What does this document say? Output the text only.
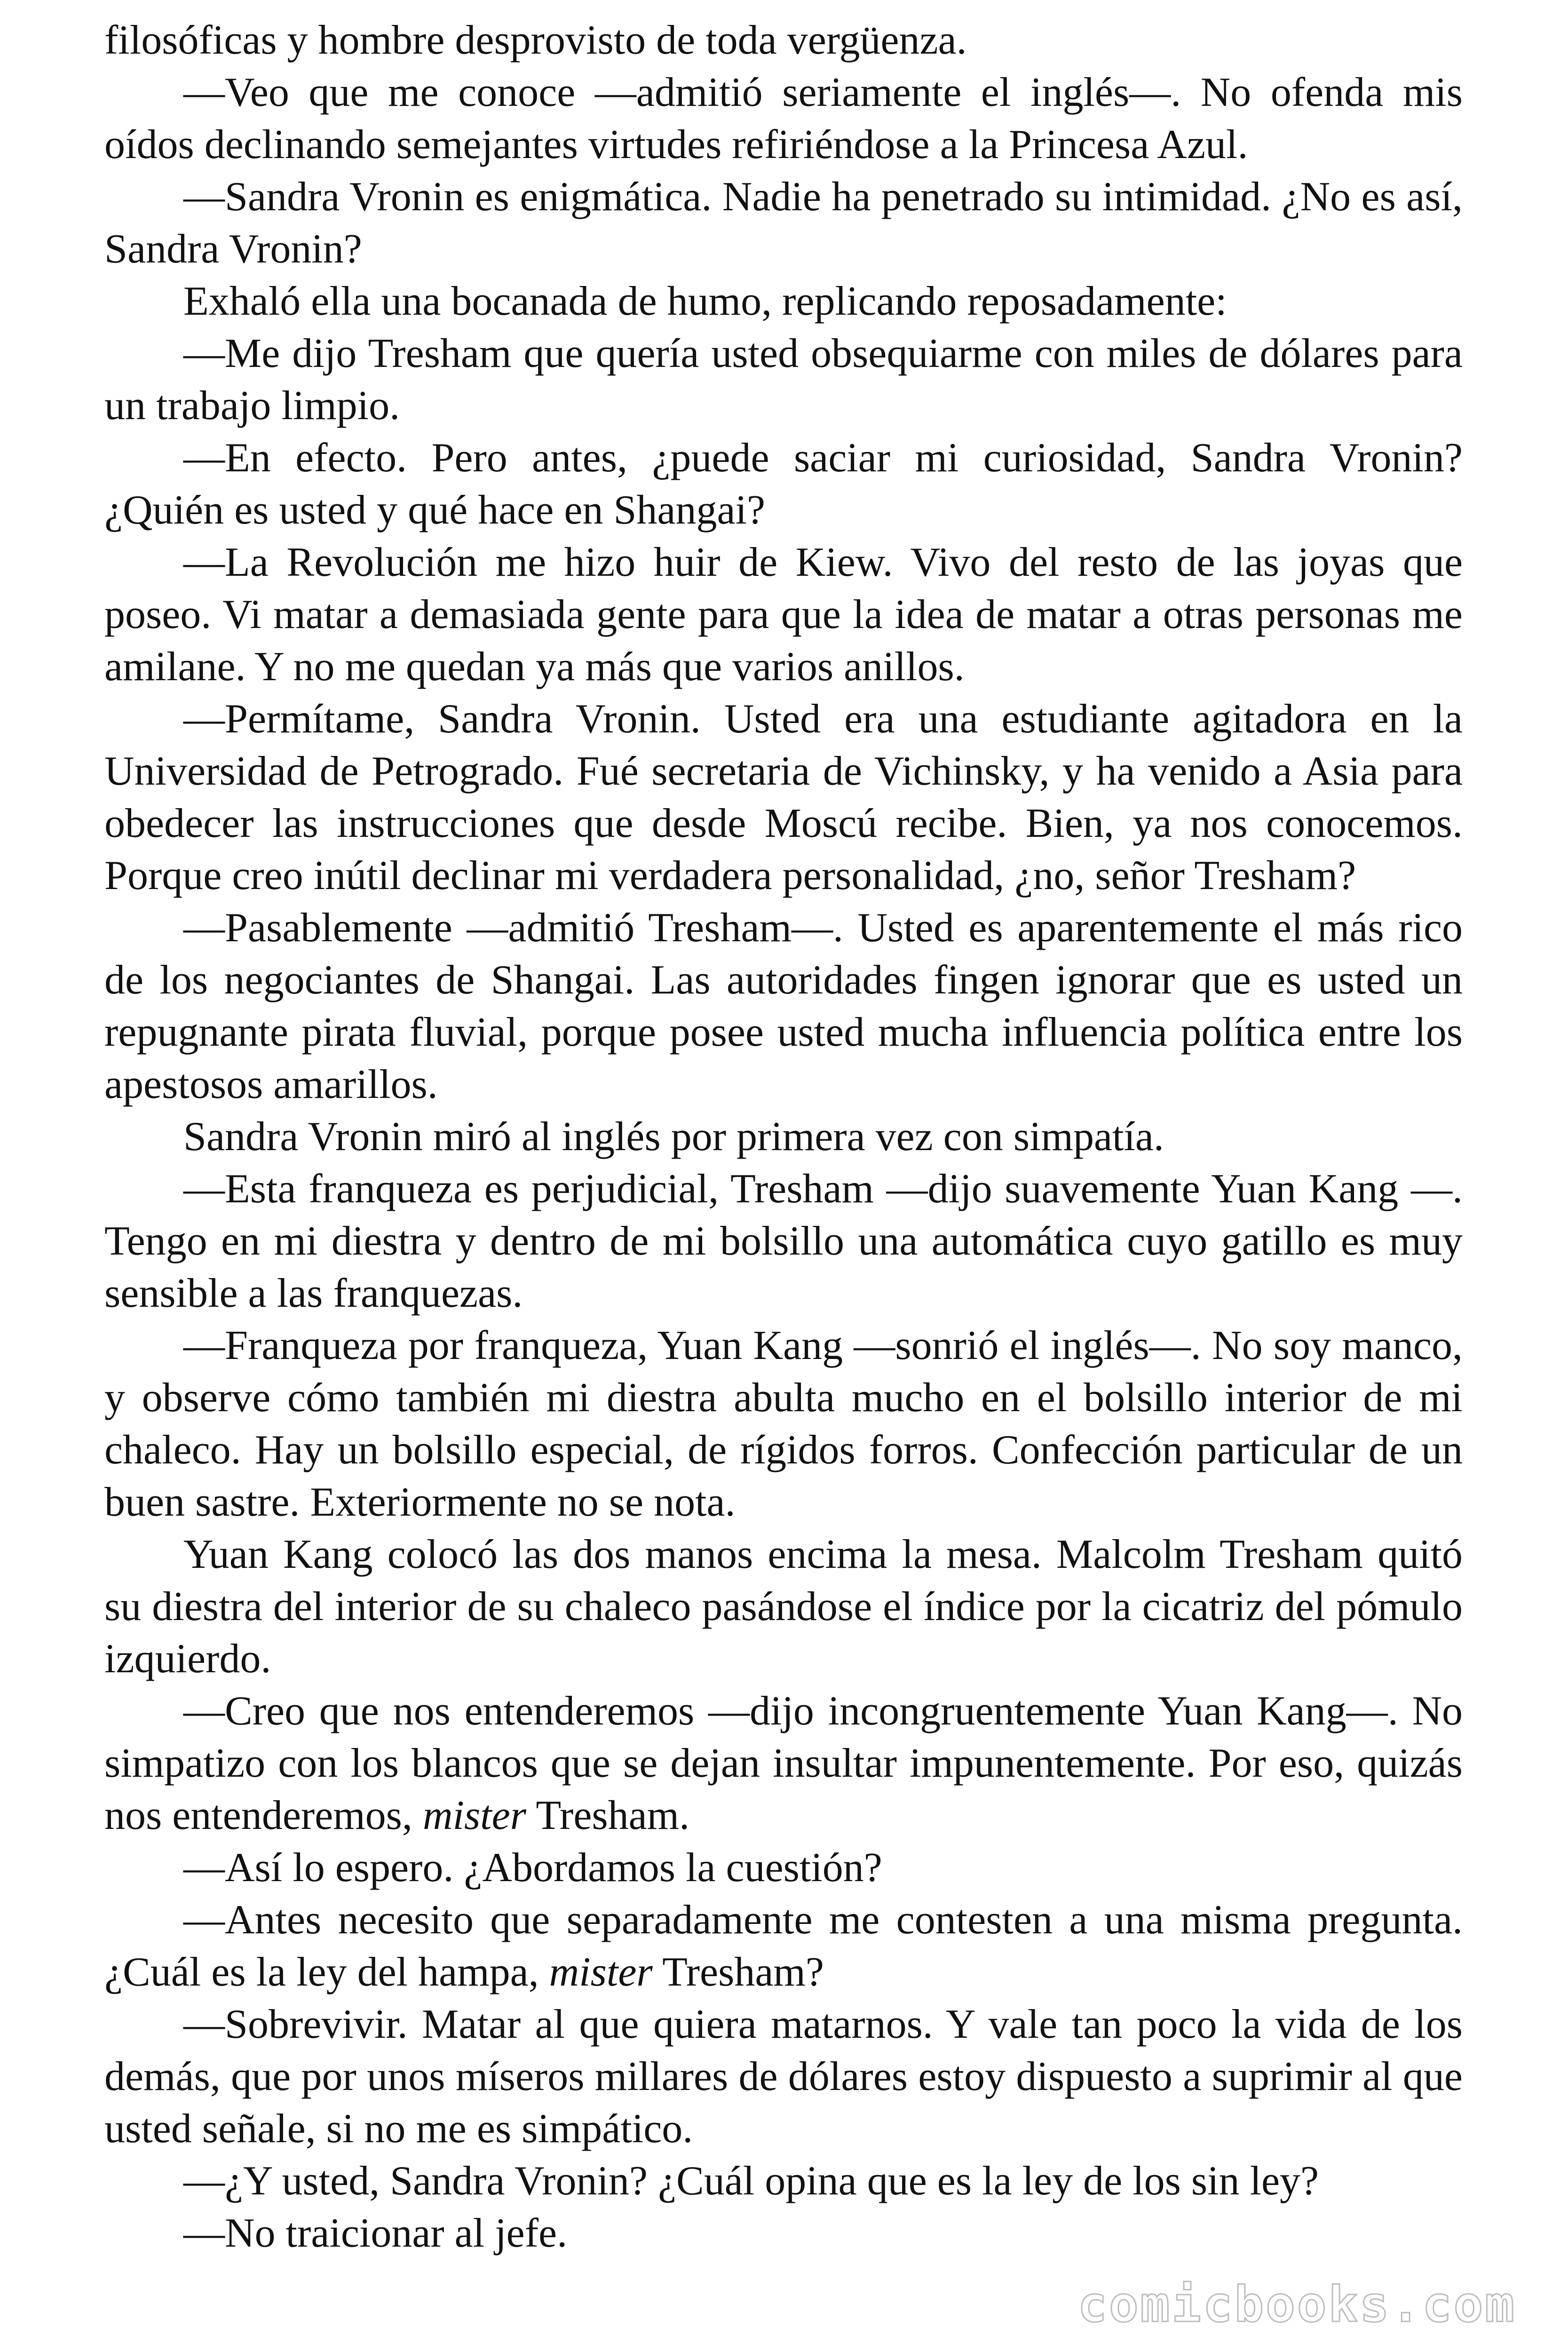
filosóficas y hombre desprovisto de toda vergüenza.

—Veo que me conoce —admitió seriamente el inglés—. No ofenda mis oídos declinando semejantes virtudes refiriéndose a la Princesa Azul.

—Sandra Vronin es enigmática. Nadie ha penetrado su intimidad. ¿No es así, Sandra Vronin?

Exhaló ella una bocanada de humo, replicando reposadamente:

—Me dijo Tresham que quería usted obsequiarme con miles de dólares para un trabajo limpio.

—En efecto. Pero antes, ¿puede saciar mi curiosidad, Sandra Vronin? ¿Quién es usted y qué hace en Shangai?

—La Revolución me hizo huir de Kiew. Vivo del resto de las joyas que poseo. Vi matar a demasiada gente para que la idea de matar a otras personas me amilane. Y no me quedan ya más que varios anillos.

—Permítame, Sandra Vronin. Usted era una estudiante agitadora en la Universidad de Petrogrado. Fué secretaria de Vichinsky, y ha venido a Asia para obedecer las instrucciones que desde Moscú recibe. Bien, ya nos conocemos. Porque creo inútil declinar mi verdadera personalidad, ¿no, señor Tresham?

—Pasablemente —admitió Tresham—. Usted es aparentemente el más rico de los negociantes de Shangai. Las autoridades fingen ignorar que es usted un repugnante pirata fluvial, porque posee usted mucha influencia política entre los apestosos amarillos.

Sandra Vronin miró al inglés por primera vez con simpatía.

—Esta franqueza es perjudicial, Tresham —dijo suavemente Yuan Kang —. Tengo en mi diestra y dentro de mi bolsillo una automática cuyo gatillo es muy sensible a las franquezas.

—Franqueza por franqueza, Yuan Kang —sonrió el inglés—. No soy manco, y observe cómo también mi diestra abulta mucho en el bolsillo interior de mi chaleco. Hay un bolsillo especial, de rígidos forros. Confección particular de un buen sastre. Exteriormente no se nota.

Yuan Kang colocó las dos manos encima la mesa. Malcolm Tresham quitó su diestra del interior de su chaleco pasándose el índice por la cicatriz del pómulo izquierdo.

—Creo que nos entenderemos —dijo incongruentemente Yuan Kang—. No simpatizo con los blancos que se dejan insultar impunentemente. Por eso, quizás nos entenderemos, mister Tresham.

—Así lo espero. ¿Abordamos la cuestión?

—Antes necesito que separadamente me contesten a una misma pregunta. ¿Cuál es la ley del hampa, mister Tresham?

—Sobrevivir. Matar al que quiera matarnos. Y vale tan poco la vida de los demás, que por unos míseros millares de dólares estoy dispuesto a suprimir al que usted señale, si no me es simpático.

—¿Y usted, Sandra Vronin? ¿Cuál opina que es la ley de los sin ley?

—No traicionar al jefe.

comicbooks.com
